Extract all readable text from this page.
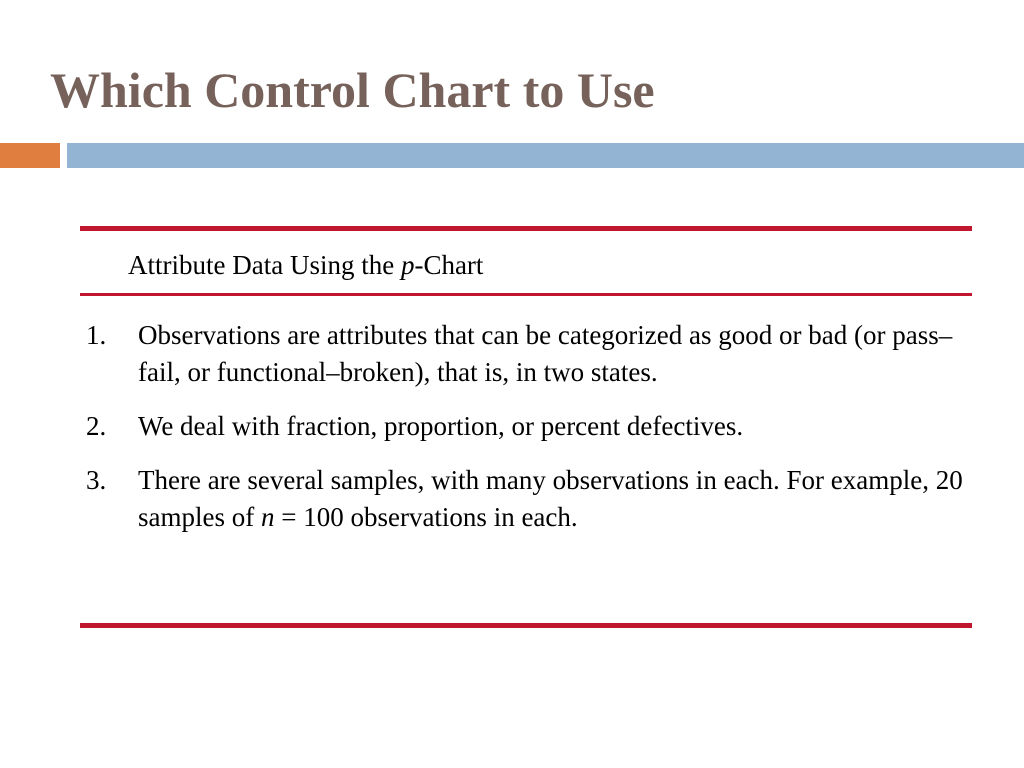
Which Control Chart to Use
Attribute Data Using the p-Chart
1. Observations are attributes that can be categorized as good or bad (or pass–fail, or functional–broken), that is, in two states.
2. We deal with fraction, proportion, or percent defectives.
3. There are several samples, with many observations in each. For example, 20 samples of n = 100 observations in each.
